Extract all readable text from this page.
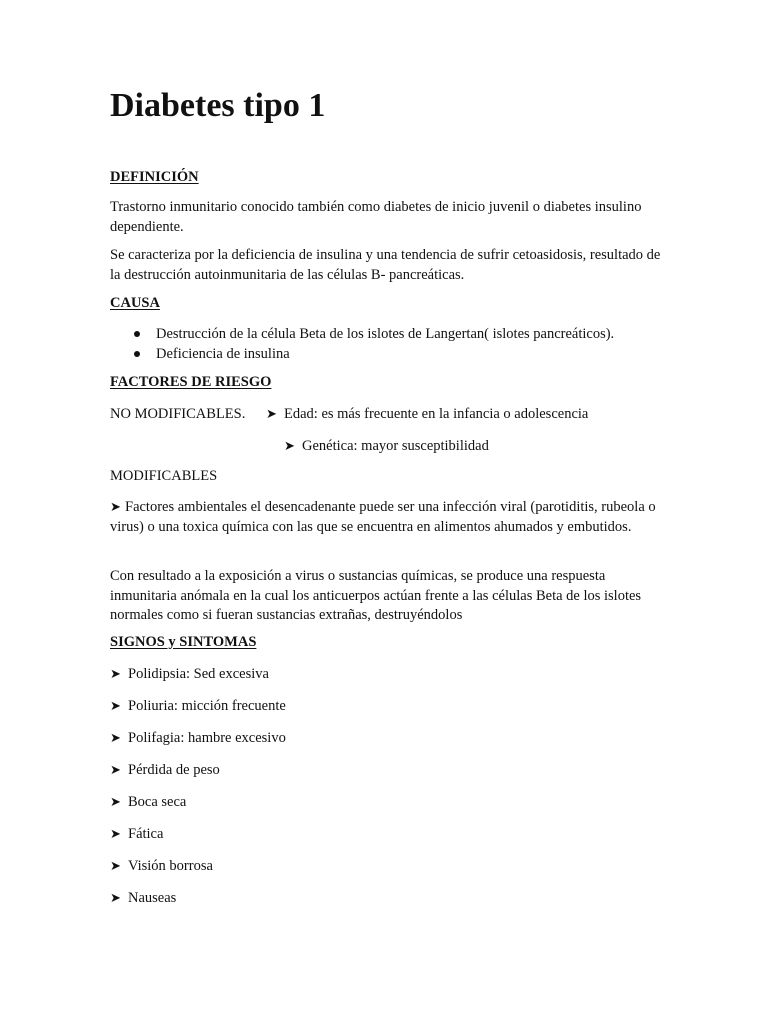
Diabetes tipo 1
DEFINICIÓN

Trastorno inmunitario conocido también como diabetes de inicio juvenil o diabetes insulino dependiente.

Se caracteriza por la deficiencia de insulina y una tendencia de sufrir cetoasidosis, resultado de la destrucción autoinmunitaria de las células B- pancreáticas.

CAUSA
Destrucción de la célula Beta de los islotes de Langertan( islotes pancreáticos).
Deficiencia de insulina
FACTORES DE RIESGO
NO MODIFICABLES. ➤ Edad: es más frecuente en la infancia o adolescencia
➤ Genética: mayor susceptibilidad
MODIFICABLES

➤ Factores ambientales el desencadenante puede ser una infección viral (parotiditis, rubeola o virus) o una toxica química con las que se encuentra en alimentos ahumados y embutidos.

Con resultado a la exposición a virus o sustancias químicas, se produce una respuesta inmunitaria anómala en la cual los anticuerpos actúan frente a las células Beta de los islotes normales como si fueran sustancias extrañas, destruyéndolos

SIGNOS y SINTOMAS
➤ Polidipsia: Sed excesiva
➤ Poliuria: micción frecuente
➤ Polifagia: hambre excesivo
➤ Pérdida de peso
➤ Boca seca
➤ Fática
➤ Visión borrosa
➤ Nauseas
